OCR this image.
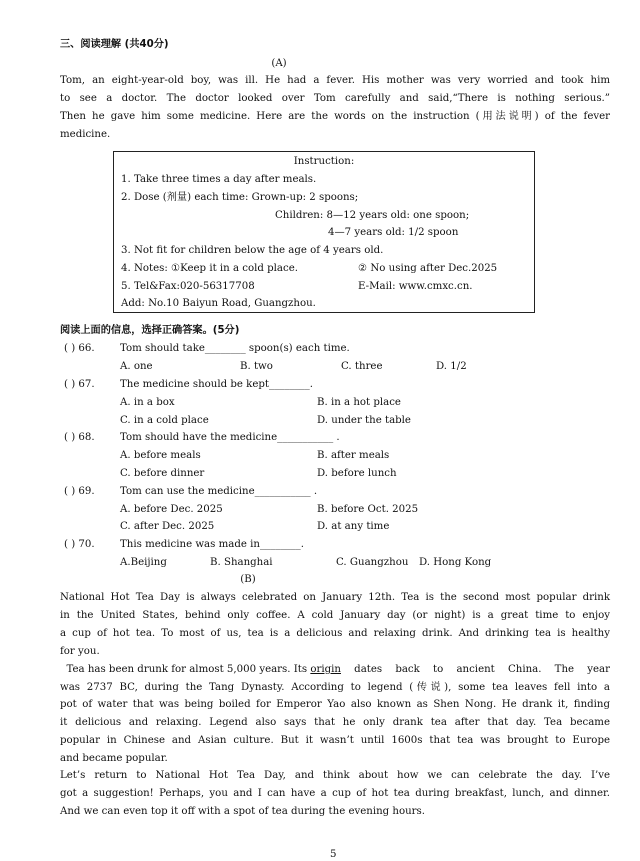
三、阅读理解 (共40分)
(A)
Tom, an eight-year-old boy, was ill. He had a fever. His mother was very worried and took him
to see a doctor. The doctor looked over Tom carefully and said,“There is nothing serious.”
Then he gave him some medicine. Here are the words on the instruction (用法说明) of the fever
medicine.
Instruction:
1. Take three times a day after meals.
2. Dose (剂量) each time: Grown-up: 2 spoons;
Children: 8—12 years old: one spoon;
4—7 years old: 1/2 spoon
3. Not fit for children below the age of 4 years old.
4. Notes: ①Keep it in a cold place.	② No using after Dec.2025
5. Tel&Fax:020-56317708	E-Mail: www.cmxc.cn.
Add: No.10 Baiyun Road, Guangzhou.
阅读上面的信息，选择正确答案。(5分)
( ) 66. Tom should take________ spoon(s) each time.
A. one	B. two	C. three	D. 1/2
( ) 67. The medicine should be kept________.
A. in a box	B. in a hot place
C. in a cold place	D. under the table
( ) 68. Tom should have the medicine___________ .
A. before meals	B. after meals
C. before dinner	D. before lunch
( ) 69. Tom can use the medicine___________ .
A. before Dec. 2025	B. before Oct. 2025
C. after Dec. 2025	D. at any time
( ) 70. This medicine was made in________.
A.Beijing	B. Shanghai	C. Guangzhou D. Hong Kong
(B)
National Hot Tea Day is always celebrated on January 12th. Tea is the second most popular drink
in the United States, behind only coffee. A cold January day (or night) is a great time to enjoy
a cup of hot tea. To most of us, tea is a delicious and relaxing drink. And drinking tea is healthy
for you.
Tea has been drunk for almost 5,000 years. Its origin dates back to ancient China. The year
was 2737 BC, during the Tang Dynasty. According to legend (传说), some tea leaves fell into a
pot of water that was being boiled for Emperor Yao also known as Shen Nong. He drank it, finding
it delicious and relaxing. Legend also says that he only drank tea after that day. Tea became
popular in Chinese and Asian culture. But it wasn’t until 1600s that tea was brought to Europe
and became popular.
Let’s return to National Hot Tea Day, and think about how we can celebrate the day. I’ve
got a suggestion! Perhaps, you and I can have a cup of hot tea during breakfast, lunch, and dinner.
And we can even top it off with a spot of tea during the evening hours.
5
